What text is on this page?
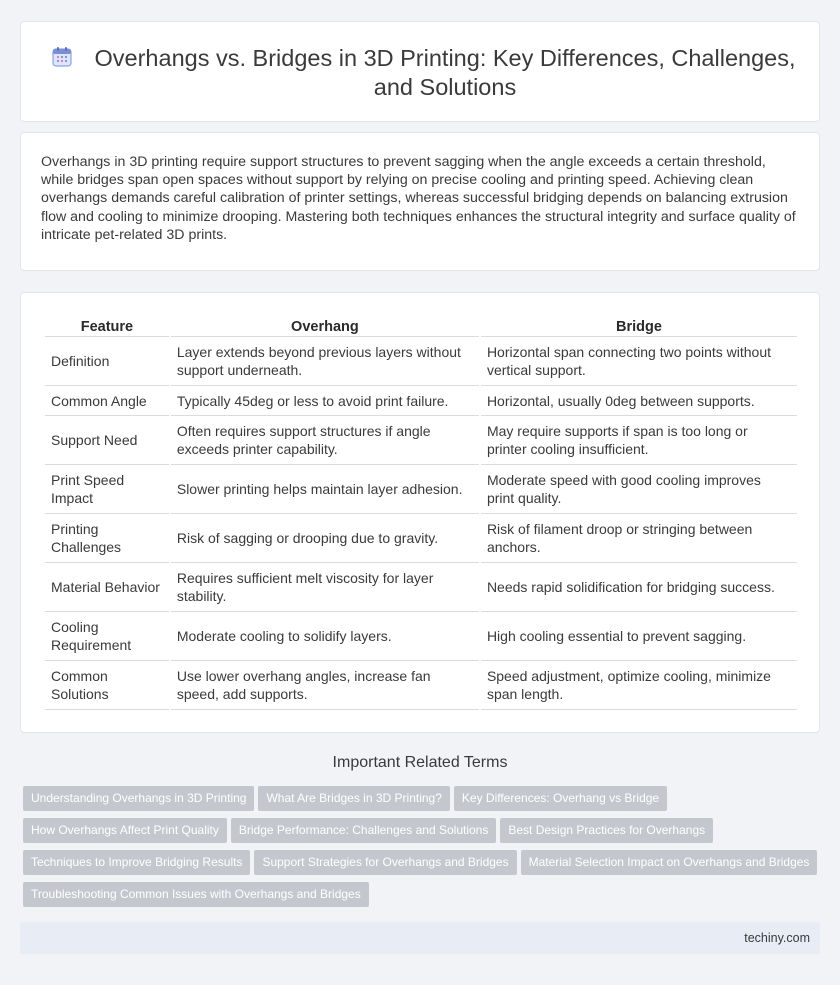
Overhangs vs. Bridges in 3D Printing: Key Differences, Challenges, and Solutions

Overhangs in 3D printing require support structures to prevent sagging when the angle exceeds a certain threshold, while bridges span open spaces without support by relying on precise cooling and printing speed. Achieving clean overhangs demands careful calibration of printer settings, whereas successful bridging depends on balancing extrusion flow and cooling to minimize drooping. Mastering both techniques enhances the structural integrity and surface quality of intricate pet-related 3D prints.

Feature	Overhang	Bridge
Definition	Layer extends beyond previous layers without support underneath.	Horizontal span connecting two points without vertical support.
Common Angle	Typically 45deg or less to avoid print failure.	Horizontal, usually 0deg between supports.
Support Need	Often requires support structures if angle exceeds printer capability.	May require supports if span is too long or printer cooling insufficient.
Print Speed Impact	Slower printing helps maintain layer adhesion.	Moderate speed with good cooling improves print quality.
Printing Challenges	Risk of sagging or drooping due to gravity.	Risk of filament droop or stringing between anchors.
Material Behavior	Requires sufficient melt viscosity for layer stability.	Needs rapid solidification for bridging success.
Cooling Requirement	Moderate cooling to solidify layers.	High cooling essential to prevent sagging.
Common Solutions	Use lower overhang angles, increase fan speed, add supports.	Speed adjustment, optimize cooling, minimize span length.
Important Related Terms
Understanding Overhangs in 3D Printing What Are Bridges in 3D Printing? Key Differences: Overhang vs Bridge
How Overhangs Affect Print Quality Bridge Performance: Challenges and Solutions Best Design Practices for Overhangs
Techniques to Improve Bridging Results Support Strategies for Overhangs and Bridges Material Selection Impact on Overhangs and Bridges
Troubleshooting Common Issues with Overhangs and Bridges
techiny.com
